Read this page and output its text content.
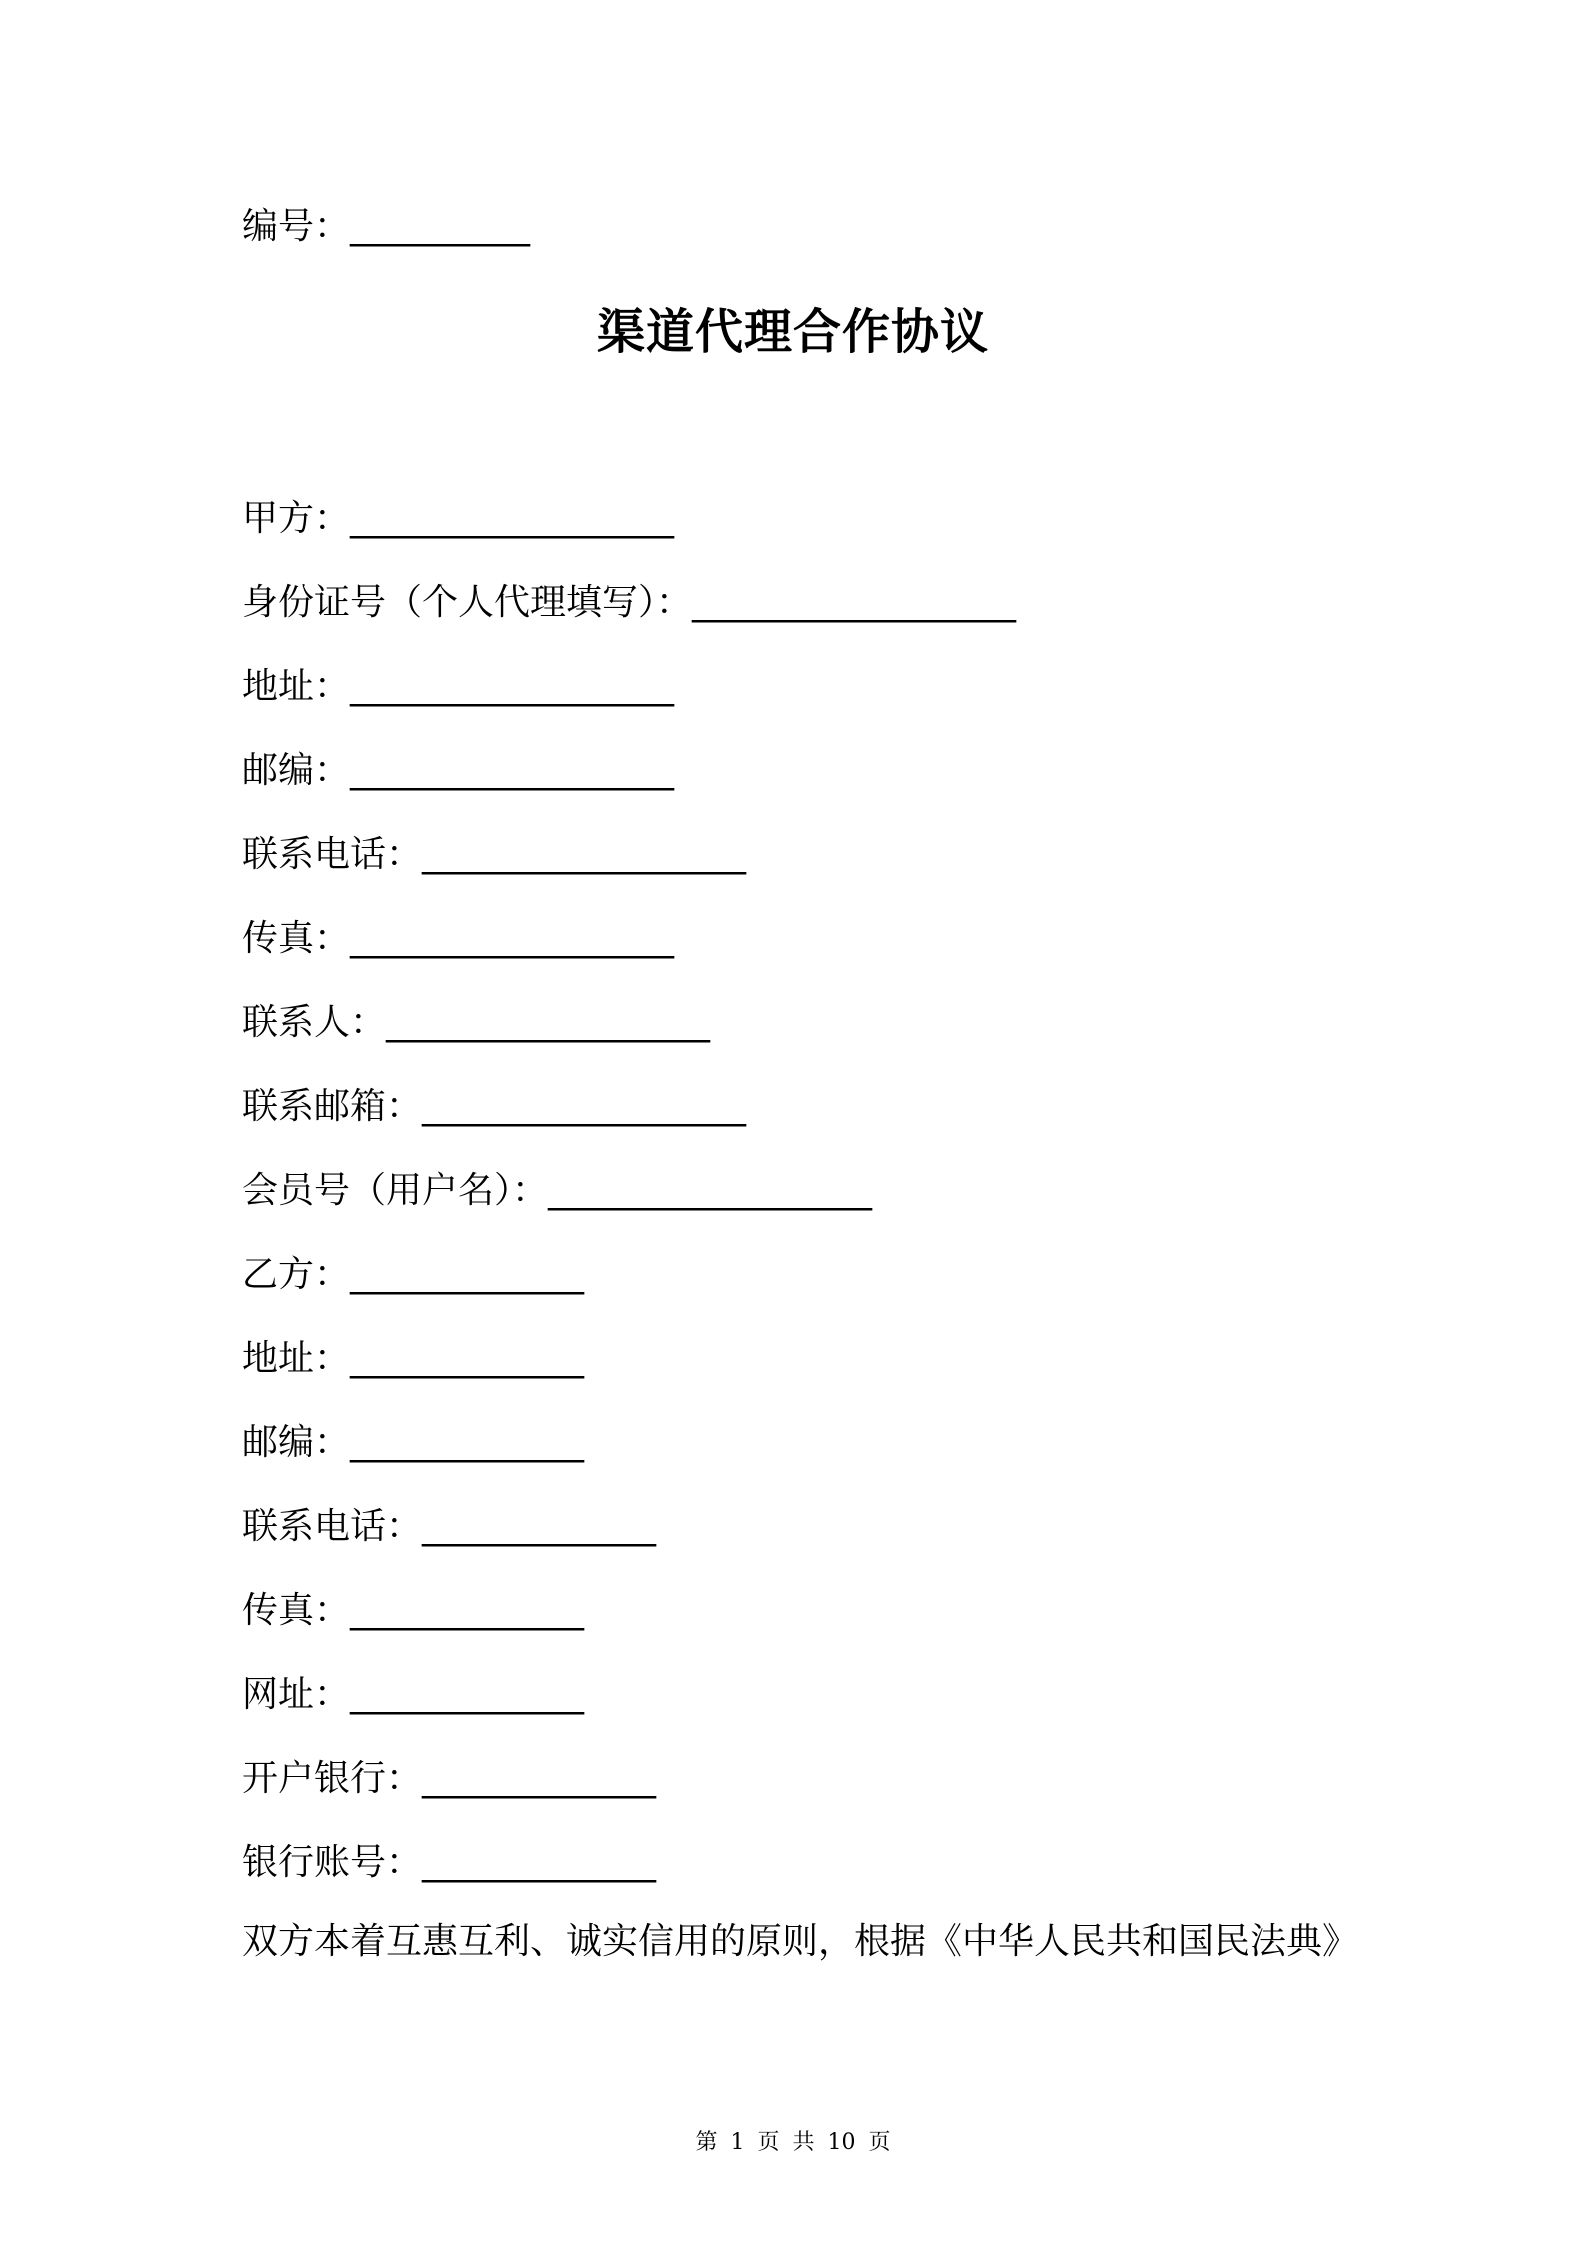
编号：__________
渠道代理合作协议
甲方：__________________
身份证号（个人代理填写）：__________________
地址：__________________
邮编：__________________
联系电话：__________________
传真：__________________
联系人：__________________
联系邮箱：__________________
会员号（用户名）：__________________
乙方：_____________
地址：_____________
邮编：_____________
联系电话：_____________
传真：_____________
网址：_____________
开户银行：_____________
银行账号：_____________
双方本着互惠互利、诚实信用的原则，根据《中华人民共和国民法典》
第 1 页 共 10 页
